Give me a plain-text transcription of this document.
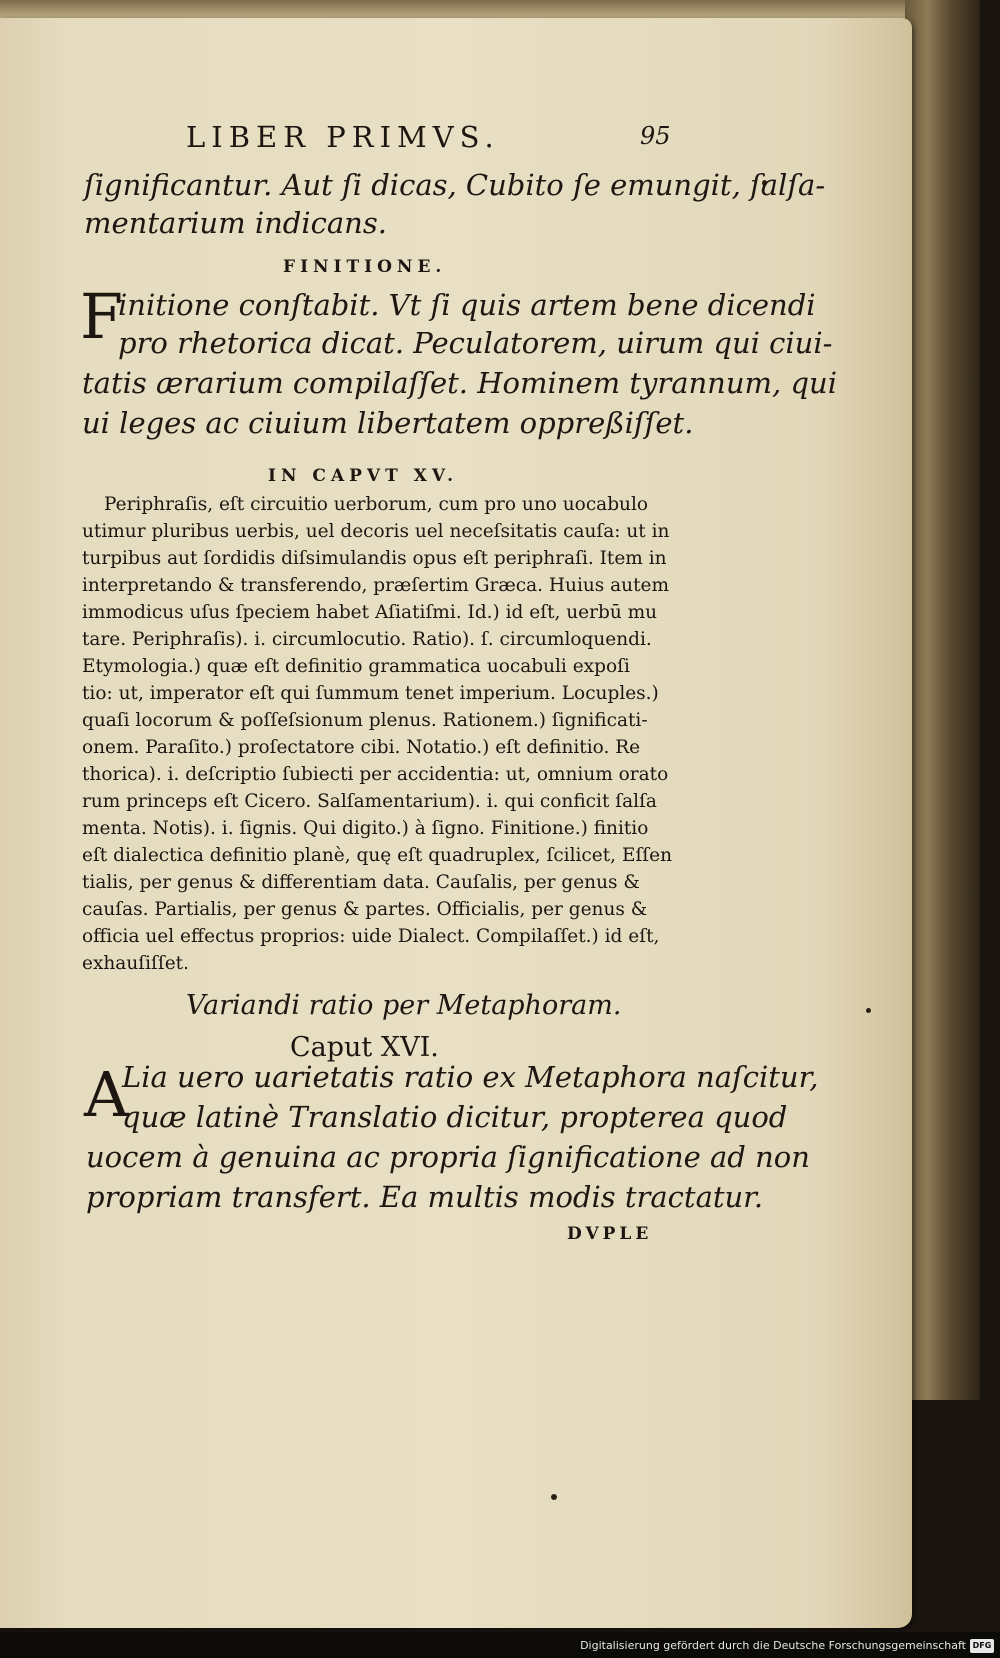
LIBER PRIMVS.	95
ſignificantur. Aut ſi dicas, Cubito ſe emungit, ſalſa-
mentarium indicans.
FINITIONE.
F
initione conſtabit. Vt ſi quis artem bene dicendi
pro rhetorica dicat. Peculatorem, uirum qui ciui-
tatis ærarium compilaſſet. Hominem tyrannum, qui
ui leges ac ciuium libertatem oppreßiſſet.
IN CAPVT XV.
Periphraſis, eſt circuitio uerborum, cum pro uno uocabulo
utimur pluribus uerbis, uel decoris uel neceſsitatis cauſa: ut in
turpibus aut ſordidis diſsimulandis opus eſt periphraſi. Item in
interpretando & transferendo, præſertim Græca. Huius autem
immodicus uſus ſpeciem habet Aſiatiſmi. Id.) id eſt, uerbū mu
tare. Periphraſis). i. circumlocutio. Ratio). ſ. circumloquendi.
Etymologia.) quæ eſt definitio grammatica uocabuli expoſi
tio: ut, imperator eſt qui ſummum tenet imperium. Locuples.)
quaſi locorum & poſſeſsionum plenus. Rationem.) ſignificati-
onem. Paraſito.) proſectatore cibi. Notatio.) eſt definitio. Re
thorica). i. deſcriptio ſubiecti per accidentia: ut, omnium orato
rum princeps eſt Cicero. Salſamentarium). i. qui conficit ſalſa
menta. Notis). i. ſignis. Qui digito.) à ſigno. Finitione.) finitio
eſt dialectica definitio planè, quę eſt quadruplex, ſcilicet, Eſſen
tialis, per genus & differentiam data. Cauſalis, per genus &
cauſas. Partialis, per genus & partes. Officialis, per genus &
officia uel effectus proprios: uide Dialect. Compilaſſet.) id eſt,
exhauſiſſet.
Variandi ratio per Metaphoram.
Caput XVI.
A
Lia uero uarietatis ratio ex Metaphora naſcitur,
quæ latinè Translatio dicitur, propterea quod
uocem à genuina ac propria ſignificatione ad non
propriam transfert. Ea multis modis tractatur.
DVPLE
Digitalisierung gefördert durch die Deutsche Forschungsgemeinschaft DFG
